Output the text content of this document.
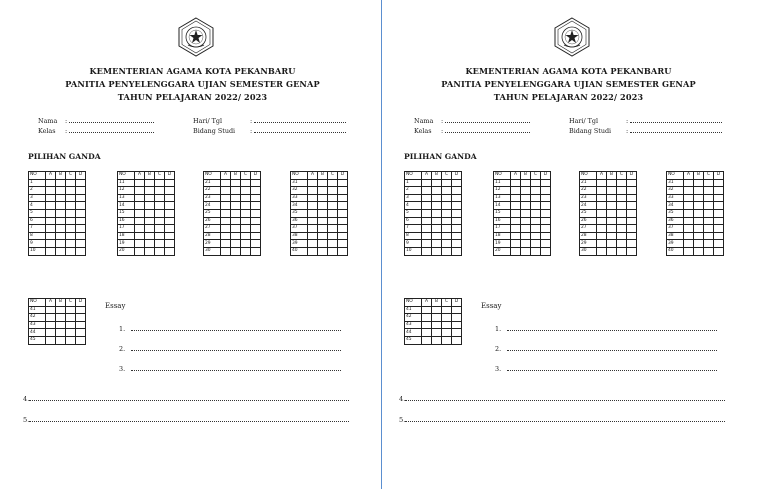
KEMENTERIAN AGAMA KOTA PEKANBARU
PANITIA PENYELENGGARA UJIAN SEMESTER GENAP
TAHUN PELAJARAN 2022/ 2023
Nama :
Kelas :
Hari/ Tgl	:
Bidang Studi :
PILIHAN GANDA
NO	A	B	C	D
1				
2				
3				
4				
5				
6				
7				
8				
9				
10				
NO	A	B	C	D
11				
12				
13				
14				
15				
16				
17				
18				
19				
20				
NO	A	B	C	D
21				
22				
23				
24				
25				
26				
27				
28				
29				
30				
NO	A	B	C	D
31				
32				
33				
34				
35				
36				
37				
38				
39				
40				
NO	A	B	C	D
41				
42				
43				
44				
45				
Essay
1.
2.
3.
4.
5.
KEMENTERIAN AGAMA KOTA PEKANBARU
PANITIA PENYELENGGARA UJIAN SEMESTER GENAP
TAHUN PELAJARAN 2022/ 2023
Nama :
Kelas :
Hari/ Tgl	:
Bidang Studi :
PILIHAN GANDA
NO	A	B	C	D
1				
2				
3				
4				
5				
6				
7				
8				
9				
10				
NO	A	B	C	D
11				
12				
13				
14				
15				
16				
17				
18				
19				
20				
NO	A	B	C	D
21				
22				
23				
24				
25				
26				
27				
28				
29				
30				
NO	A	B	C	D
31				
32				
33				
34				
35				
36				
37				
38				
39				
40				
NO	A	B	C	D
41				
42				
43				
44				
45				
Essay
1.
2.
3.
4.
5.
